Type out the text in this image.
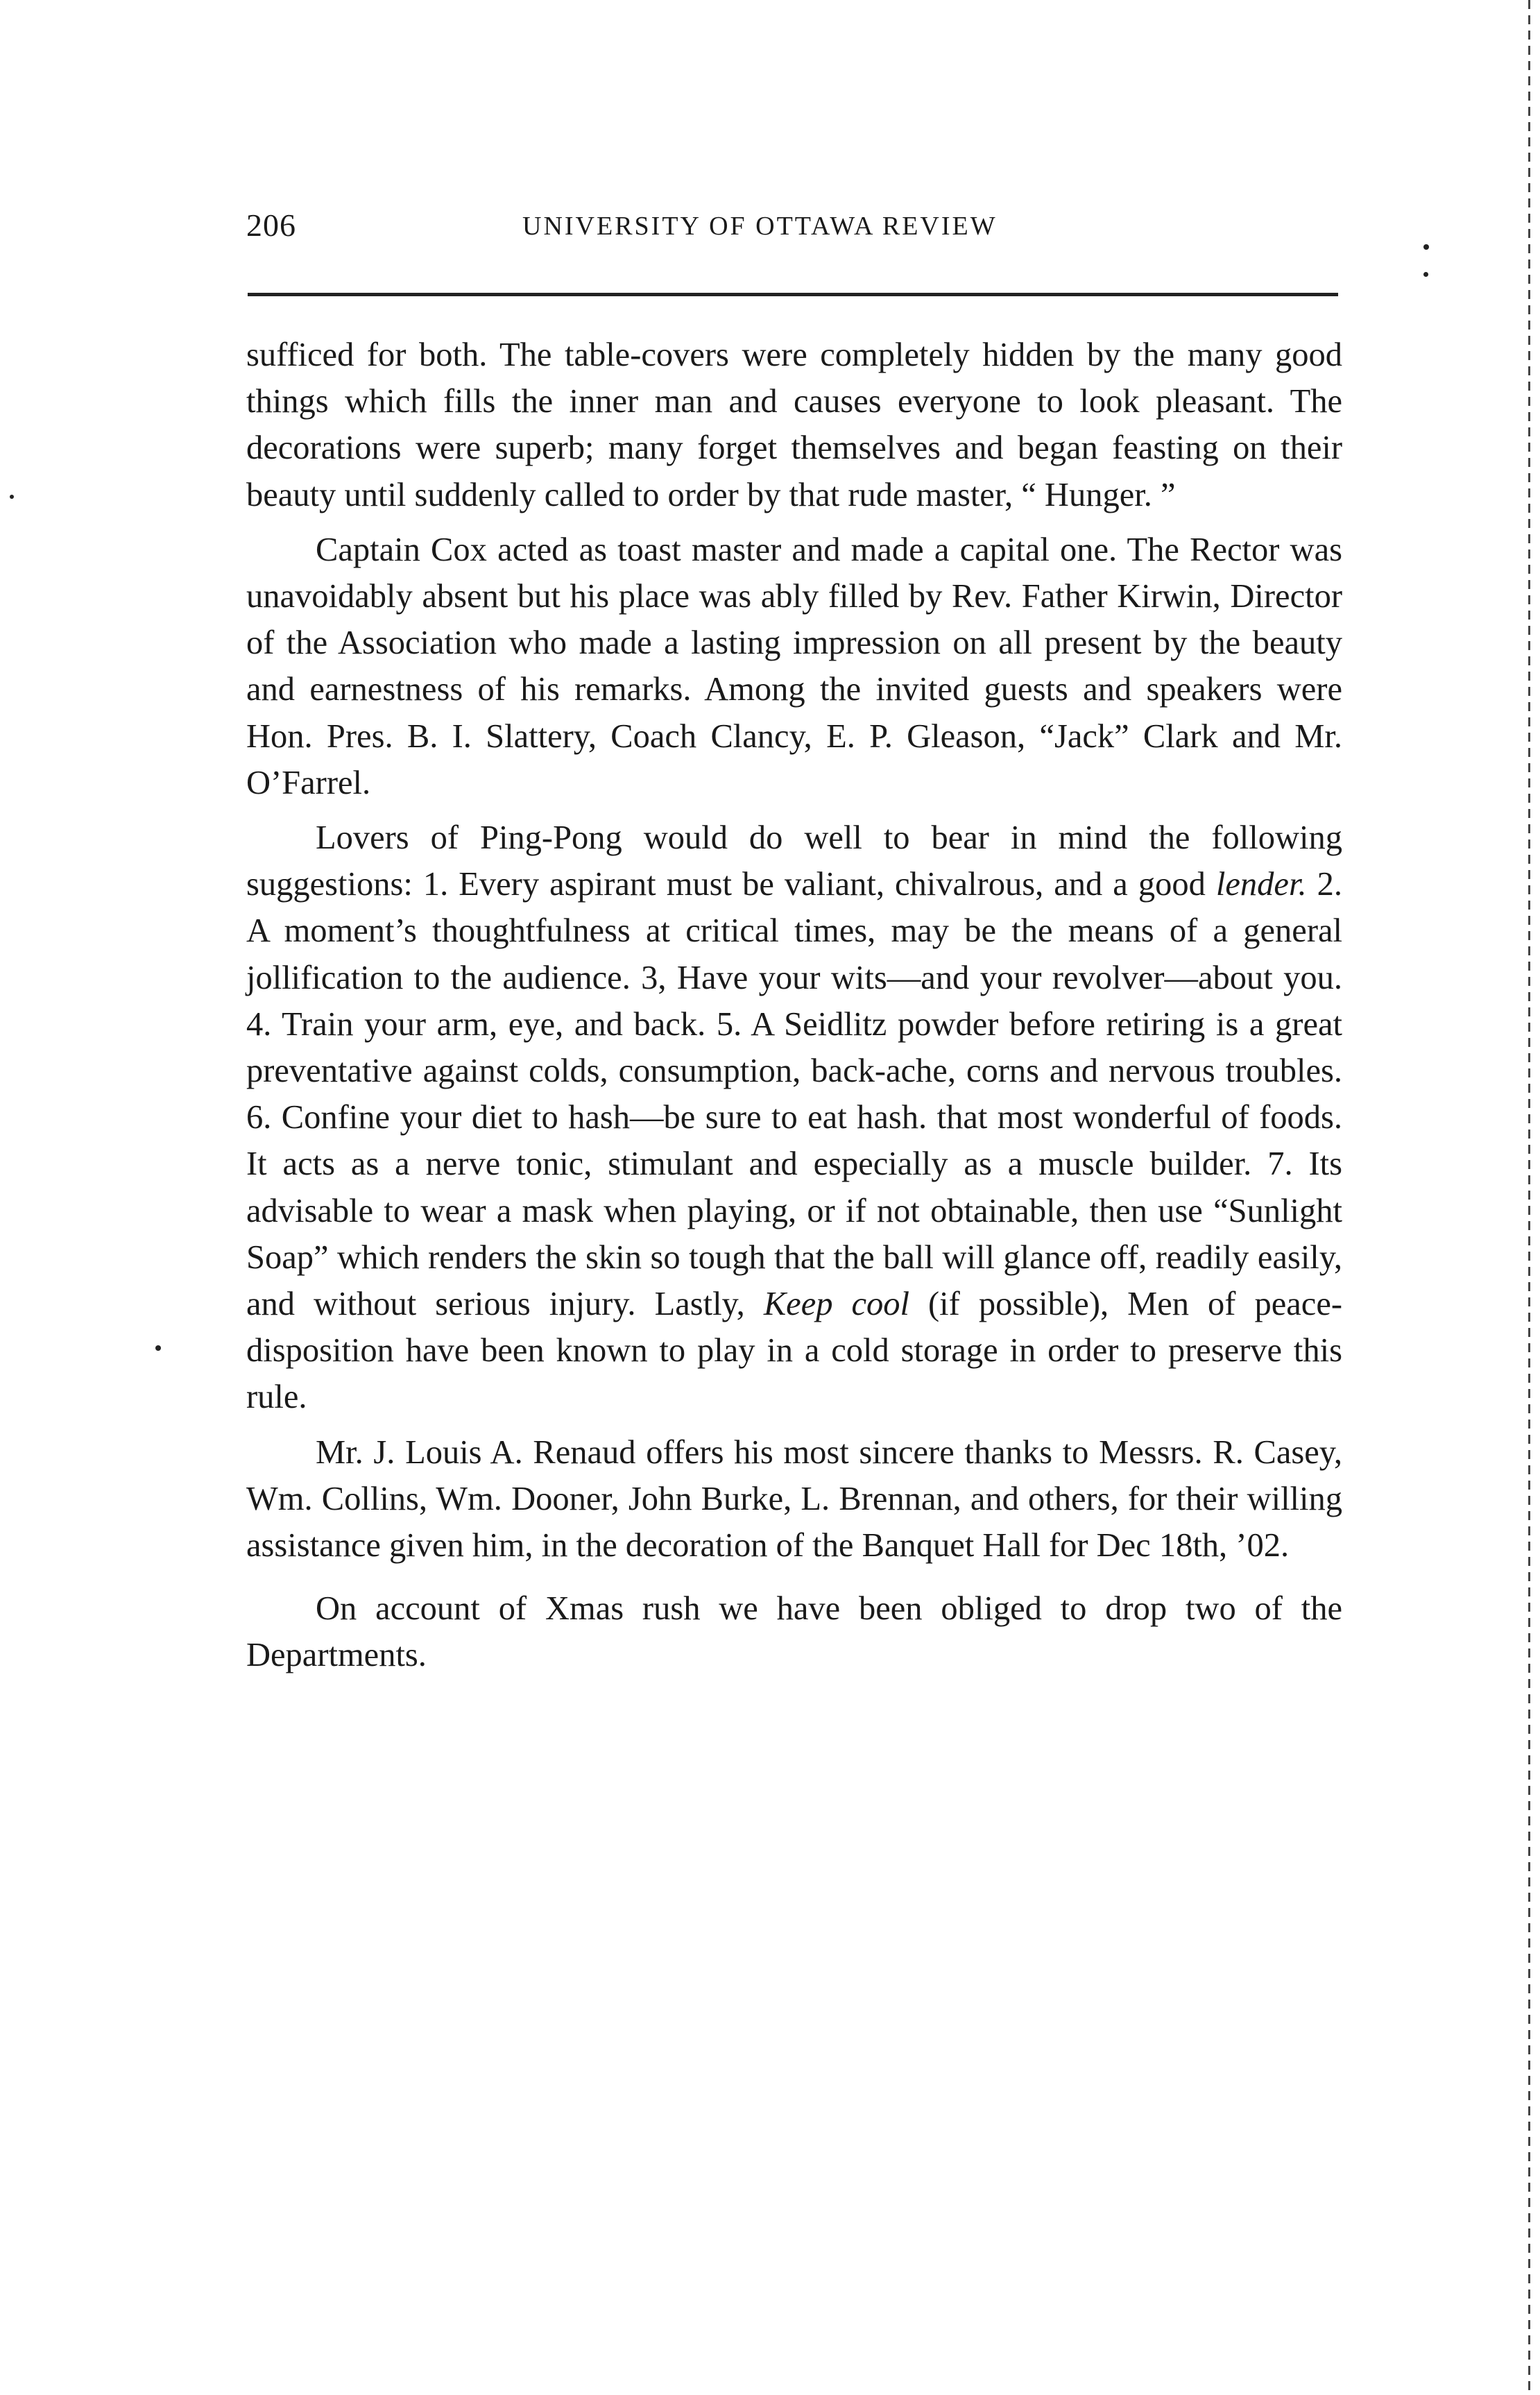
206	UNIVERSITY OF OTTAWA REVIEW

sufficed for both. The table-covers were completely hidden by the many good things which fills the inner man and causes everyone to look pleasant. The decorations were superb; many forget themselves and began feasting on their beauty until suddenly called to order by that rude master, “ Hunger. ”

Captain Cox acted as toast master and made a capital one. The Rector was unavoidably absent but his place was ably filled by Rev. Father Kirwin, Director of the Association who made a lasting impression on all present by the beauty and earnestness of his remarks. Among the invited guests and speakers were Hon. Pres. B. I. Slattery, Coach Clancy, E. P. Gleason, “Jack” Clark and Mr. O’Farrel.

Lovers of Ping-Pong would do well to bear in mind the following suggestions: 1. Every aspirant must be valiant, chivalrous, and a good lender. 2. A moment’s thoughtfulness at critical times, may be the means of a general jollification to the audience. 3, Have your wits—and your revolver—about you. 4. Train your arm, eye, and back. 5. A Seidlitz powder before retiring is a great preventative against colds, consumption, back-ache, corns and nervous troubles. 6. Confine your diet to hash—be sure to eat hash. that most wonderful of foods. It acts as a nerve tonic, stimulant and especially as a muscle builder. 7. Its advisable to wear a mask when playing, or if not obtainable, then use “Sunlight Soap” which renders the skin so tough that the ball will glance off, readily easily, and without serious injury. Lastly, Keep cool (if possible), Men of peace-disposition have been known to play in a cold storage in order to preserve this rule.

Mr. J. Louis A. Renaud offers his most sincere thanks to Messrs. R. Casey, Wm. Collins, Wm. Dooner, John Burke, L. Brennan, and others, for their willing assistance given him, in the decoration of the Banquet Hall for Dec 18th, ’02.

On account of Xmas rush we have been obliged to drop two of the Departments.
